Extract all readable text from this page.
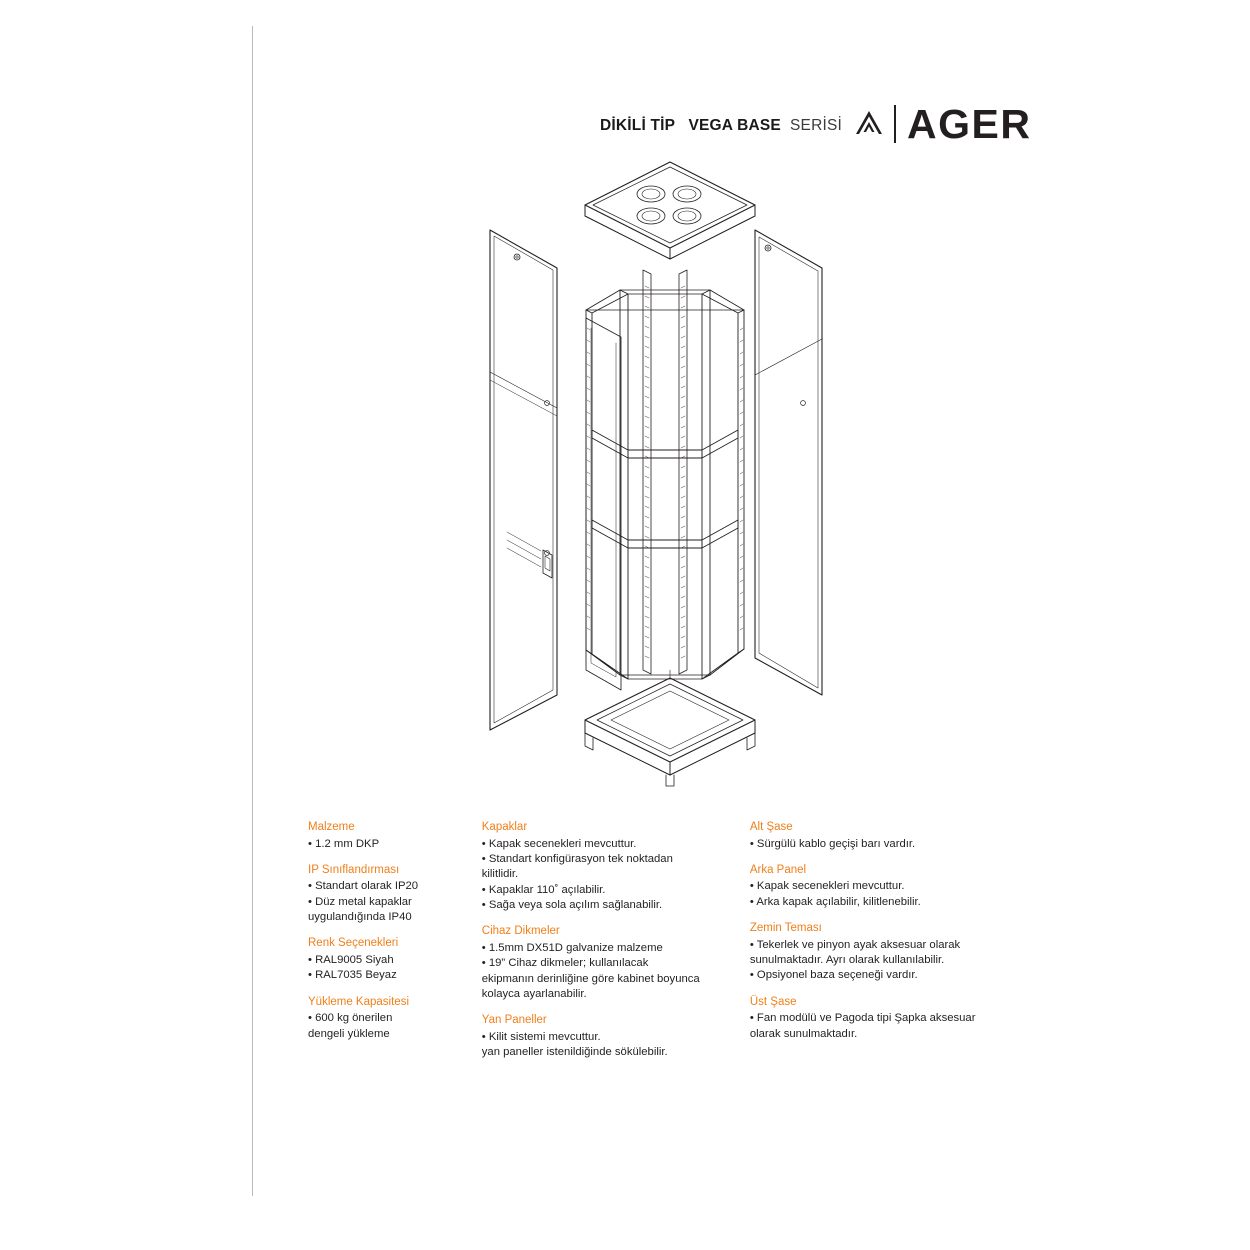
DİKİLİ TİP VEGA BASE SERİSİ AGER

Malzeme

• 1.2 mm DKP

IP Sınıflandırması

• Standart olarak IP20

• Düz metal kapaklar

uygulandığında IP40

Renk Seçenekleri

• RAL9005 Siyah

• RAL7035 Beyaz

Yükleme Kapasitesi

• 600 kg önerilen

dengeli yükleme

Kapaklar

• Kapak secenekleri mevcuttur.

• Standart konfigürasyon tek noktadan

kilitlidir.

• Kapaklar 110˚ açılabilir.

• Sağa veya sola açılım sağlanabilir.

Cihaz Dikmeler

• 1.5mm DX51D galvanize malzeme

• 19” Cihaz dikmeler; kullanılacak

ekipmanın derinliğine göre kabinet boyunca

kolayca ayarlanabilir.

Yan Paneller

• Kilit sistemi mevcuttur.

yan paneller istenildiğinde sökülebilir.

Alt Şase

• Sürgülü kablo geçişi barı vardır.

Arka Panel

• Kapak secenekleri mevcuttur.

• Arka kapak açılabilir, kilitlenebilir.

Zemin Teması

• Tekerlek ve pinyon ayak aksesuar olarak

sunulmaktadır. Ayrı olarak kullanılabilir.

• Opsiyonel baza seçeneği vardır.

Üst Şase

• Fan modülü ve Pagoda tipi Şapka aksesuar

olarak sunulmaktadır.
